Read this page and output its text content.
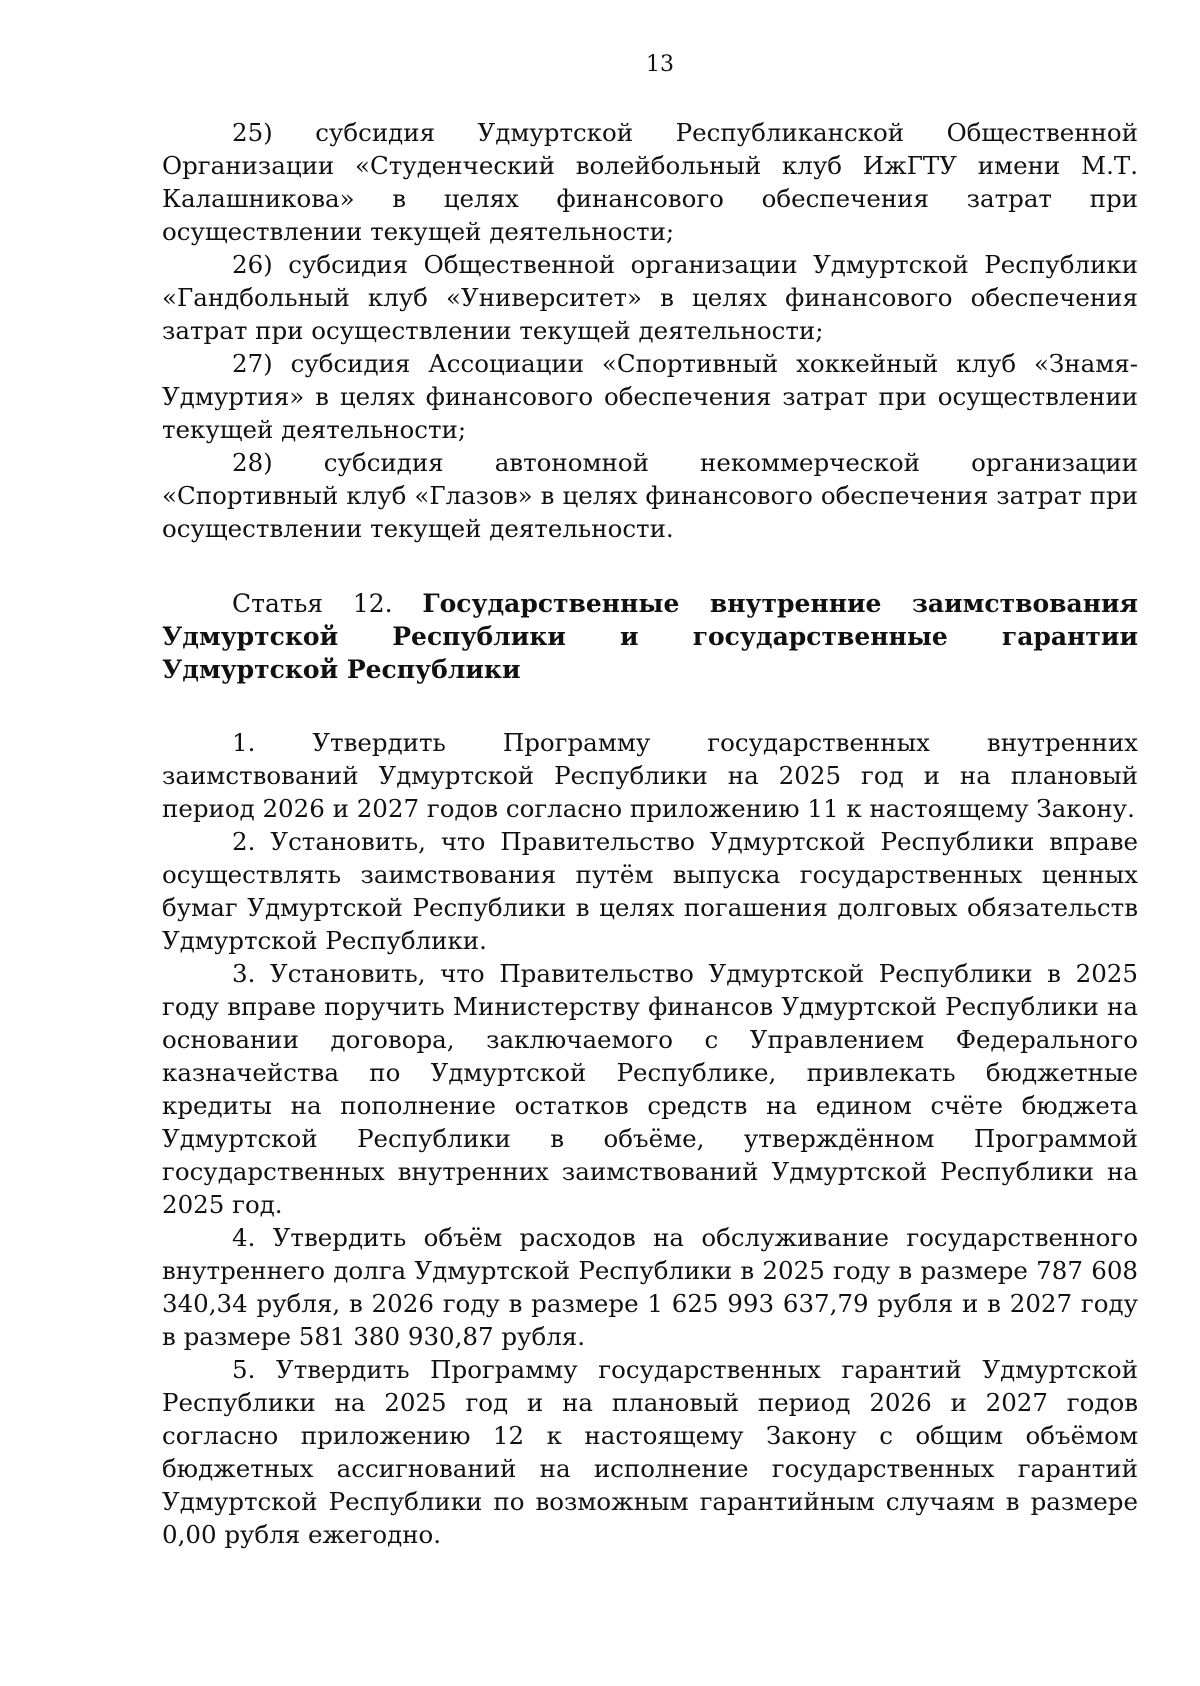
13

25) субсидия Удмуртской Республиканской Общественной Организации «Студенческий волейбольный клуб ИжГТУ имени М.Т. Калашникова» в целях финансового обеспечения затрат при осуществлении текущей деятельности;

26) субсидия Общественной организации Удмуртской Республики «Гандбольный клуб «Университет» в целях финансового обеспечения затрат при осуществлении текущей деятельности;

27) субсидия Ассоциации «Спортивный хоккейный клуб «Знамя-Удмуртия» в целях финансового обеспечения затрат при осуществлении текущей деятельности;

28) субсидия автономной некоммерческой организации «Спортивный клуб «Глазов» в целях финансового обеспечения затрат при осуществлении текущей деятельности.

Статья 12. Государственные внутренние заимствования Удмуртской Республики и государственные гарантии Удмуртской Республики

1. Утвердить Программу государственных внутренних заимствований Удмуртской Республики на 2025 год и на плановый период 2026 и 2027 годов согласно приложению 11 к настоящему Закону.

2. Установить, что Правительство Удмуртской Республики вправе осуществлять заимствования путём выпуска государственных ценных бумаг Удмуртской Республики в целях погашения долговых обязательств Удмуртской Республики.

3. Установить, что Правительство Удмуртской Республики в 2025 году вправе поручить Министерству финансов Удмуртской Республики на основании договора, заключаемого с Управлением Федерального казначейства по Удмуртской Республике, привлекать бюджетные кредиты на пополнение остатков средств на едином счёте бюджета Удмуртской Республики в объёме, утверждённом Программой государственных внутренних заимствований Удмуртской Республики на 2025 год.

4. Утвердить объём расходов на обслуживание государственного внутреннего долга Удмуртской Республики в 2025 году в размере 787 608 340,34 рубля, в 2026 году в размере 1 625 993 637,79 рубля и в 2027 году в размере 581 380 930,87 рубля.

5. Утвердить Программу государственных гарантий Удмуртской Республики на 2025 год и на плановый период 2026 и 2027 годов согласно приложению 12 к настоящему Закону с общим объёмом бюджетных ассигнований на исполнение государственных гарантий Удмуртской Республики по возможным гарантийным случаям в размере 0,00 рубля ежегодно.
